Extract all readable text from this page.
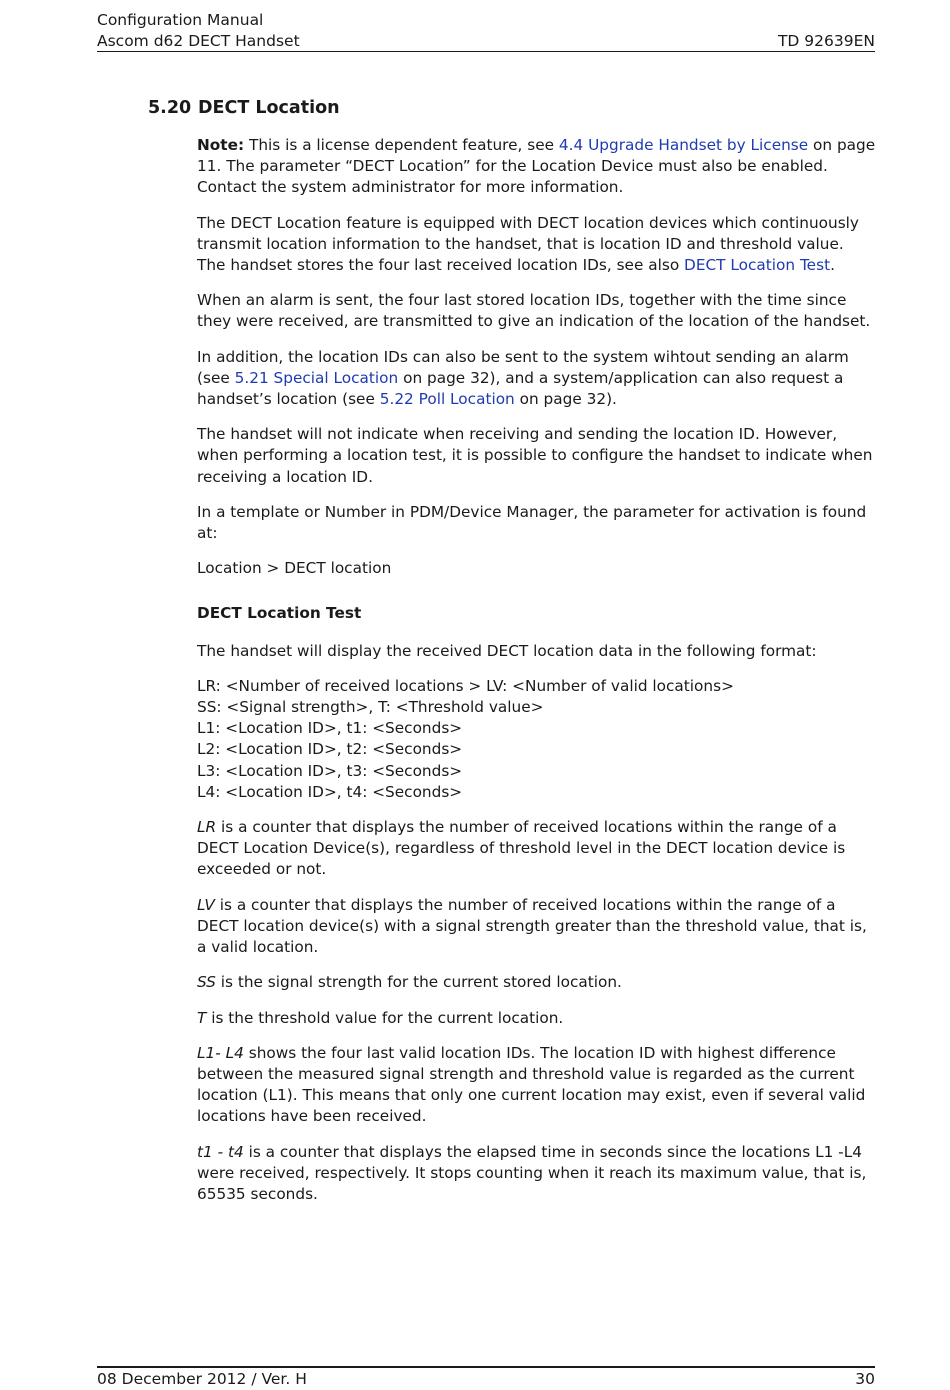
Configuration Manual
Ascom d62 DECT Handset	TD 92639EN
5.20 DECT Location

Note: This is a license dependent feature, see 4.4 Upgrade Handset by License on page 11. The parameter “DECT Location” for the Location Device must also be enabled. Contact the system administrator for more information.

The DECT Location feature is equipped with DECT location devices which continuously transmit location information to the handset, that is location ID and threshold value. The handset stores the four last received location IDs, see also DECT Location Test.

When an alarm is sent, the four last stored location IDs, together with the time since they were received, are transmitted to give an indication of the location of the handset.

In addition, the location IDs can also be sent to the system wihtout sending an alarm (see 5.21 Special Location on page 32), and a system/application can also request a handset’s location (see 5.22 Poll Location on page 32).

The handset will not indicate when receiving and sending the location ID. However, when performing a location test, it is possible to configure the handset to indicate when receiving a location ID.

In a template or Number in PDM/Device Manager, the parameter for activation is found at:

Location > DECT location

DECT Location Test

The handset will display the received DECT location data in the following format:

LR: <Number of received locations > LV: <Number of valid locations>
SS: <Signal strength>, T: <Threshold value>
L1: <Location ID>, t1: <Seconds>
L2: <Location ID>, t2: <Seconds>
L3: <Location ID>, t3: <Seconds>
L4: <Location ID>, t4: <Seconds>

LR is a counter that displays the number of received locations within the range of a DECT Location Device(s), regardless of threshold level in the DECT location device is exceeded or not.

LV is a counter that displays the number of received locations within the range of a DECT location device(s) with a signal strength greater than the threshold value, that is, a valid location.

SS is the signal strength for the current stored location.

T is the threshold value for the current location.

L1- L4 shows the four last valid location IDs. The location ID with highest difference between the measured signal strength and threshold value is regarded as the current location (L1). This means that only one current location may exist, even if several valid locations have been received.

t1 - t4 is a counter that displays the elapsed time in seconds since the locations L1 -L4 were received, respectively. It stops counting when it reach its maximum value, that is, 65535 seconds.

08 December 2012 / Ver. H	30
